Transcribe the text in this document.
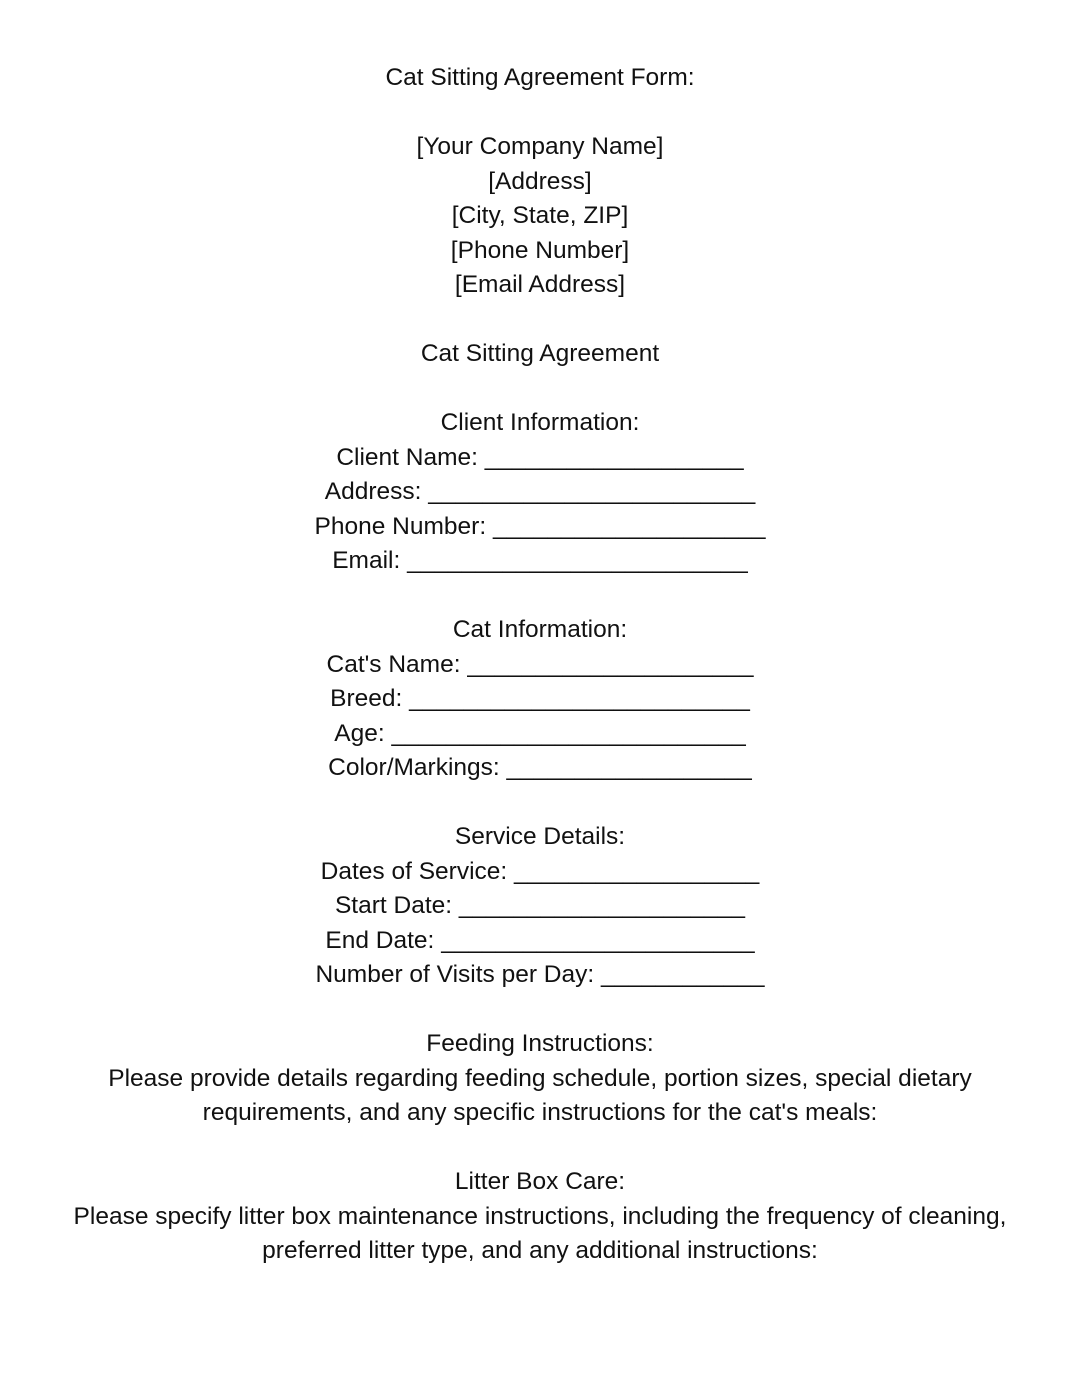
Cat Sitting Agreement Form:
[Your Company Name]
[Address]
[City, State, ZIP]
[Phone Number]
[Email Address]
Cat Sitting Agreement
Client Information:
Client Name: ___________________
Address: ________________________
Phone Number: ____________________
Email: _________________________
Cat Information:
Cat's Name: _____________________
Breed: _________________________
Age: __________________________
Color/Markings: __________________
Service Details:
Dates of Service: __________________
Start Date: _____________________
End Date: _______________________
Number of Visits per Day: ____________
Feeding Instructions:
Please provide details regarding feeding schedule, portion sizes, special dietary
requirements, and any specific instructions for the cat's meals:
Litter Box Care:
Please specify litter box maintenance instructions, including the frequency of cleaning,
preferred litter type, and any additional instructions:
